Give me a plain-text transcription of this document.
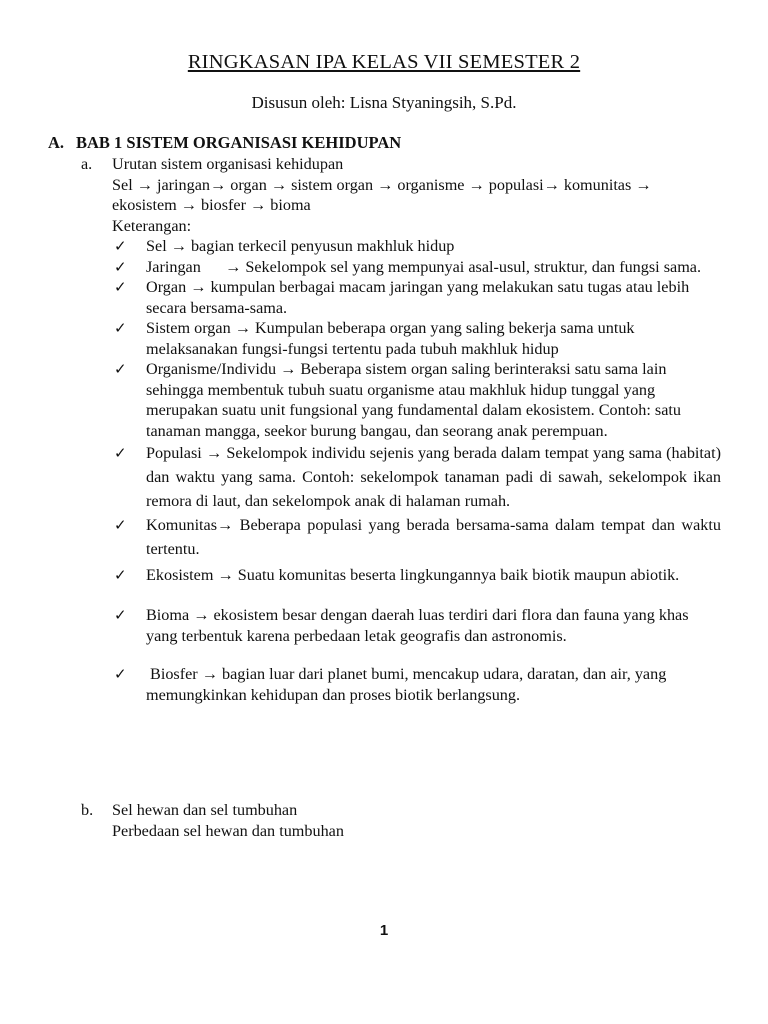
RINGKASAN IPA KELAS VII SEMESTER 2
Disusun oleh: Lisna Styaningsih, S.Pd.
A. BAB 1 SISTEM ORGANISASI KEHIDUPAN
a. Urutan sistem organisasi kehidupan
Sel → jaringan→ organ → sistem organ → organisme → populasi→ komunitas → ekosistem → biosfer → bioma
Keterangan:
✓ Sel → bagian terkecil penyusun makhluk hidup
✓ Jaringan      → Sekelompok sel yang mempunyai asal-usul, struktur, dan fungsi sama.
✓ Organ → kumpulan berbagai macam jaringan yang melakukan satu tugas atau lebih secara bersama-sama.
✓ Sistem organ → Kumpulan beberapa organ yang saling bekerja sama untuk melaksanakan fungsi-fungsi tertentu pada tubuh makhluk hidup
✓ Organisme/Individu → Beberapa sistem organ saling berinteraksi satu sama lain sehingga membentuk tubuh suatu organisme atau makhluk hidup tunggal yang merupakan suatu unit fungsional yang fundamental dalam ekosistem. Contoh: satu tanaman mangga, seekor burung bangau, dan seorang anak perempuan.
✓ Populasi → Sekelompok individu sejenis yang berada dalam tempat yang sama (habitat) dan waktu yang sama. Contoh: sekelompok tanaman padi di sawah, sekelompok ikan remora di laut, dan sekelompok anak di halaman rumah.
✓ Komunitas→ Beberapa populasi yang berada bersama-sama dalam tempat dan waktu tertentu.
✓ Ekosistem → Suatu komunitas beserta lingkungannya baik biotik maupun abiotik.
✓ Bioma → ekosistem besar dengan daerah luas terdiri dari flora dan fauna yang khas yang terbentuk karena perbedaan letak geografis dan astronomis.
✓ Biosfer → bagian luar dari planet bumi, mencakup udara, daratan, dan air, yang memungkinkan kehidupan dan proses biotik berlangsung.
b. Sel hewan dan sel tumbuhan
Perbedaan sel hewan dan tumbuhan
1
